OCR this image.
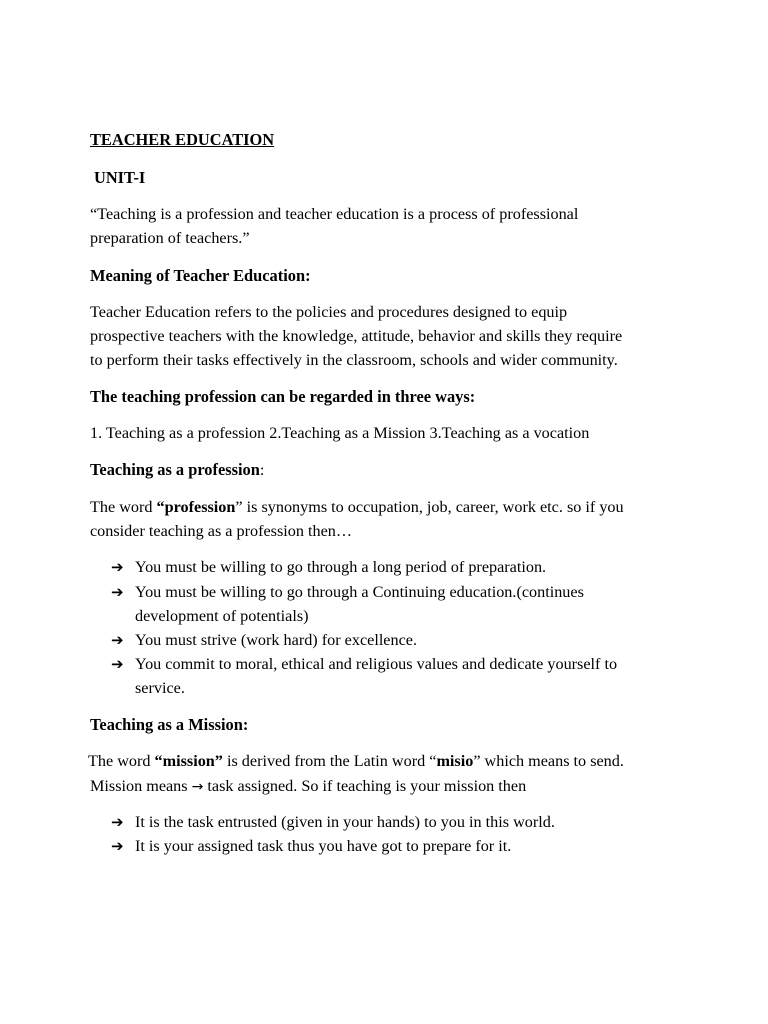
TEACHER EDUCATION
UNIT-I
“Teaching is a profession and teacher education is a process of professional
preparation of teachers.”
Meaning of Teacher Education:
Teacher Education refers to the policies and procedures designed to equip
prospective teachers with the knowledge, attitude, behavior and skills they require
to perform their tasks effectively in the classroom, schools and wider community.
The teaching profession can be regarded in three ways:
1. Teaching as a profession 2.Teaching as a Mission 3.Teaching as a vocation
Teaching as a profession:
The word “profession” is synonyms to occupation, job, career, work etc. so if you
consider teaching as a profession then…
➔ You must be willing to go through a long period of preparation.
➔ You must be willing to go through a Continuing education.(continues
development of potentials)
➔ You must strive (work hard) for excellence.
➔ You commit to moral, ethical and religious values and dedicate yourself to
service.
Teaching as a Mission:
The word “mission” is derived from the Latin word “misio” which means to send.
Mission means → task assigned. So if teaching is your mission then
➔ It is the task entrusted (given in your hands) to you in this world.
➔ It is your assigned task thus you have got to prepare for it.
